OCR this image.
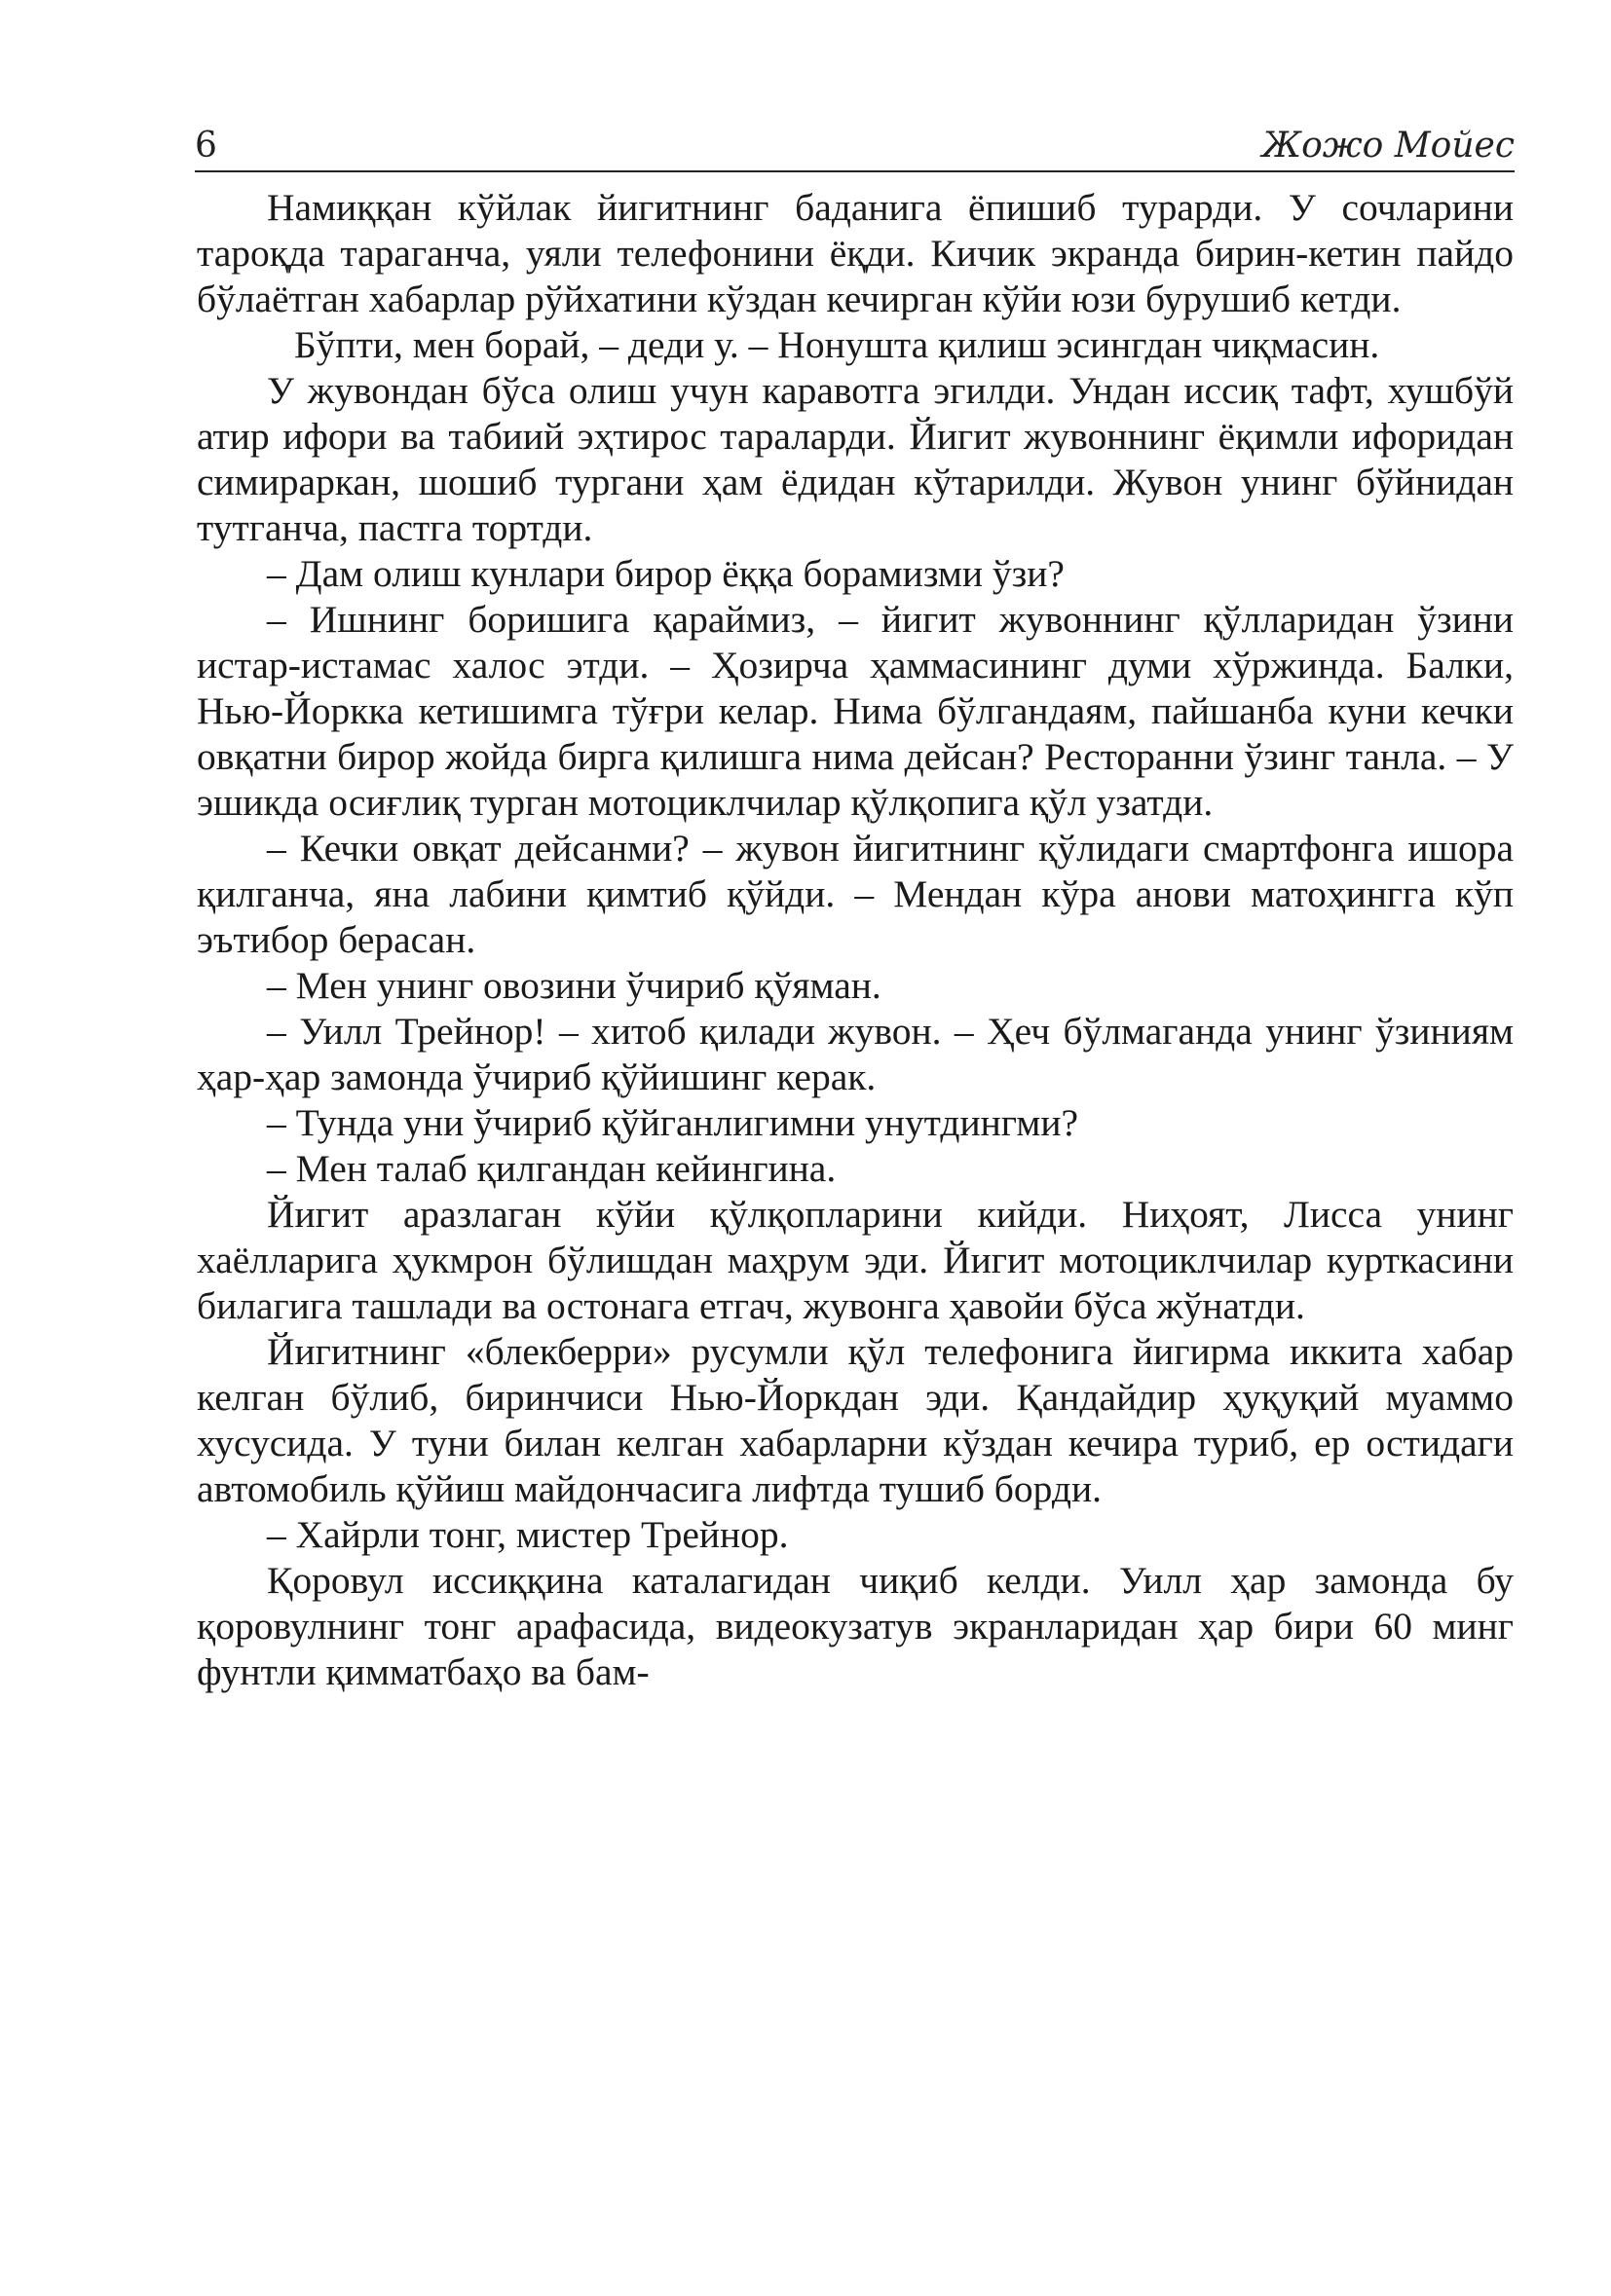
6	Жожо Мойес

Намиққан кўйлак йигитнинг баданига ёпишиб турарди. У сочларини тароқда тараганча, уяли телефонини ёқди. Кичик экранда бирин-кетин пайдо бўлаётган хабарлар рўйхатини кўздан кечирган кўйи юзи бурушиб кетди.

Бўпти, мен борай, – деди у. – Нонушта қилиш эсингдан чиқмасин.

У жувондан бўса олиш учун каравотга эгилди. Ундан иссиқ тафт, хушбўй атир ифори ва табиий эҳтирос тараларди. Йигит жувоннинг ёқимли ифоридан симираркан, шошиб тургани ҳам ёдидан кўтарилди. Жувон унинг бўйнидан тутганча, пастга тортди.

– Дам олиш кунлари бирор ёққа борамизми ўзи?

– Ишнинг боришига қараймиз, – йигит жувоннинг қўлларидан ўзини истар-истамас халос этди. – Ҳозирча ҳаммасининг думи хўржинда. Балки, Нью-Йоркка кетишимга тўғри келар. Нима бўлгандаям, пайшанба куни кечки овқатни бирор жойда бирга қилишга нима дейсан? Ресторанни ўзинг танла. – У эшикда осиғлиқ турган мотоциклчилар қўлқопига қўл узатди.

– Кечки овқат дейсанми? – жувон йигитнинг қўлидаги смартфонга ишора қилганча, яна лабини қимтиб қўйди. – Мендан кўра анови матоҳингга кўп эътибор берасан.

– Мен унинг овозини ўчириб қўяман.

– Уилл Трейнор! – хитоб қилади жувон. – Ҳеч бўлмаганда унинг ўзиниям ҳар-ҳар замонда ўчириб қўйишинг керак.

– Тунда уни ўчириб қўйганлигимни унутдингми?

– Мен талаб қилгандан кейингина.

Йигит аразлаган кўйи қўлқопларини кийди. Ниҳоят, Лисса унинг хаёлларига ҳукмрон бўлишдан маҳрум эди. Йигит мотоциклчилар курткасини билагига ташлади ва остонага етгач, жувонга ҳавойи бўса жўнатди.

Йигитнинг «блекберри» русумли қўл телефонига йигирма иккита хабар келган бўлиб, биринчиси Нью-Йоркдан эди. Қандайдир ҳуқуқий муаммо хусусида. У туни билан келган хабарларни кўздан кечира туриб, ер остидаги автомобиль қўйиш майдончасига лифтда тушиб борди.

– Хайрли тонг, мистер Трейнор.

Қоровул иссиққина каталагидан чиқиб келди. Уилл ҳар замонда бу қоровулнинг тонг арафасида, видеокузатув экранларидан ҳар бири 60 минг фунтли қимматбаҳо ва бам-
